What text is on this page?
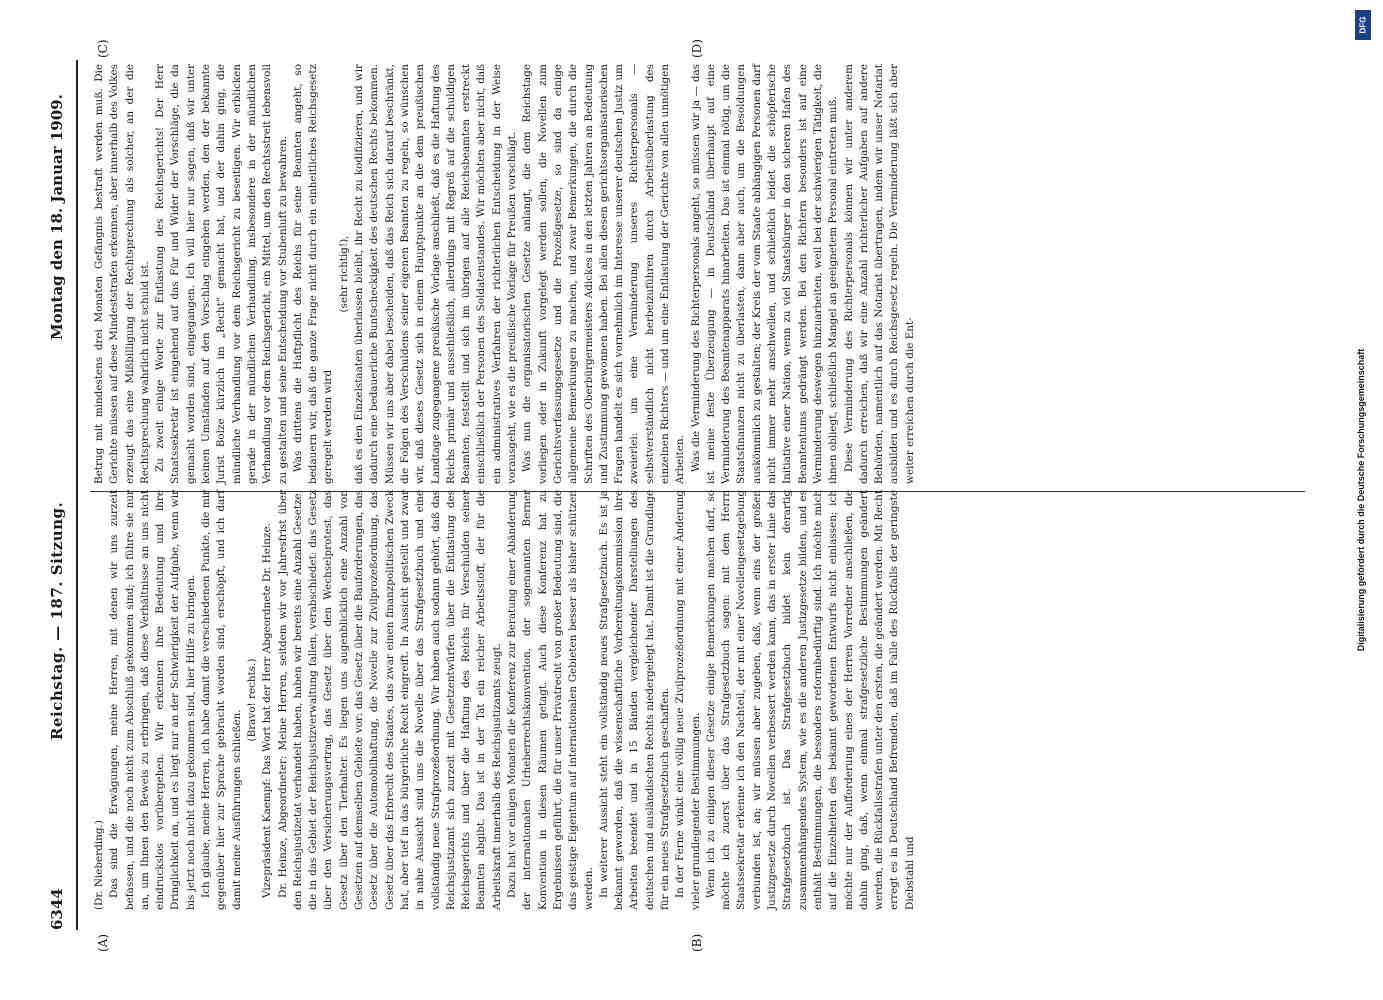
6344
Reichstag. — 187. Sitzung.
Montag den 18. Januar 1909.
(A)	(B)
(C)	(D)

(Dr. Nieberding.) Das sind die Erwägungen, meine Herren, mit denen wir uns zurzeit befassen, und die noch nicht zum Abschluß gekommen sind; ich führe sie nur an, um Ihnen den Beweis zu erbringen, daß diese Verhältnisse an uns nicht eindruckslos vorübergehen. Wir erkennen ihre Bedeutung und ihre Dringlichkeit an, und es liegt nur an der Schwierigkeit der Aufgabe, wenn wir bis jetzt noch nicht dazu gekommen sind, hier Hilfe zu bringen. Ich glaube, meine Herren, ich habe damit die verschiedenen Punkte, die mir gegenüber hier zur Sprache gebracht worden sind, erschöpft, und ich darf damit meine Ausführungen schließen.

(Bravo! rechts.) Vizepräsident Kaempf: Das Wort hat der Herr Abgeordnete Dr. Heinze. Dr. Heinze, Abgeordneter: Meine Herren, seitdem wir vor Jahresfrist über den Reichsjustizetat verhandelt haben, haben wir bereits eine Anzahl Gesetze, die in das Gebiet der Reichsjustizverwaltung fallen, verabschiedet: das Gesetz über den Versicherungsvertrag, das Gesetz über den Wechselprotest, das Gesetz über den Tierhalter. Es liegen uns augenblicklich eine Anzahl von Gesetzen auf demselben Gebiete vor: das Gesetz über die Bauforderungen, das Gesetz über die Automobilhaftung, die Novelle zur Zivilprozeßordnung, das Gesetz über das Erbrecht des Staates, das zwar einen finanzpolitischen Zweck hat, aber tief in das bürgerliche Recht eingreift. In Aussicht gestellt und zwar in nahe Aussicht sind uns die Novelle über das Strafgesetzbuch und eine vollständig neue Strafprozeßordnung. Wir haben auch sodann gehört, daß das Reichsjustizamt sich zurzeit mit Gesetzentwürfen über die Entlastung des Reichsgerichts und über die Haftung des Reichs für Verschulden seiner Beamten abgibt. Das ist in der Tat ein reicher Arbeitsstoff, der für die Arbeitskraft innerhalb des Reichsjustizamts zeugt. Dazu hat vor einigen Monaten die Konferenz zur Beratung einer Abänderung der internationalen Urheberrechtskonvention, der sogenannten Berner Konvention in diesen Räumen getagt. Auch diese Konferenz hat zu Ergebnissen geführt, die für unser Privatrecht von großer Bedeutung sind, die das geistige Eigentum auf internationalen Gebieten besser als bisher schützen werden. In weiterer Aussicht steht ein vollständig neues Strafgesetzbuch. Es ist ja bekannt geworden, daß die wissenschaftliche Vorbereitungskommission ihre Arbeiten beendet und in 15 Bänden vergleichender Darstellungen des deutschen und ausländischen Rechts niedergelegt hat. Damit ist die Grundlage für ein neues Strafgesetzbuch geschaffen. In der Ferne winkt eine völlig neue Zivilprozeßordnung mit einer Änderung vieler grundlegender Bestimmungen. Wenn ich zu einigen dieser Gesetze einige Bemerkungen machen darf, so möchte ich zuerst über das Strafgesetzbuch sagen: mit dem Herrn Staatssekretär erkenne ich den Nachteil, der mit einer Novellengesetzgebung verbunden ist, an; wir müssen aber zugeben, daß, wenn eins der großen Justizgesetze durch Novellen verbessert werden kann, das in erster Linie das Strafgesetzbuch ist. Das Strafgesetzbuch bildet kein derartig zusammenhängendes System, wie es die anderen Justizgesetze bilden, und es enthält Bestimmungen, die besonders reformbedürftig sind. Ich möchte mich auf die Einzelheiten des bekannt gewordenen Entwurfs nicht einlassen; ich möchte nur der Aufforderung eines der Herren Vorredner anschließen, die dahin ging, daß, wenn einmal strafgesetzliche Bestimmungen geändert werden, die Rückfallsstrafen unter den ersten, die geändert werden. Mit Recht erregt es in Deutschland Befremden, daß im Falle des Rückfalls der geringste Diebstahl und

Betrug mit mindestens drei Monaten Gefängnis bestraft werden muß. Die Gerichte müssen auf diese Mindeststrafen erkennen, aber innerhalb des Volkes erzeugt das eine Mißbilligung der Rechtsprechung als solcher, an der die Rechtsprechung wahrlich nicht schuld ist. Zu zweit einige Worte zur Entlastung des Reichsgerichts! Der Herr Staatssekretär ist eingehend auf das Für und Wider der Vorschläge, die da gemacht worden sind, eingegangen. Ich will hier nur sagen, daß wir unter keinen Umständen auf den Vorschlag eingehen werden, den der bekannte Jurist Bolze kürzlich im „Recht“ gemacht hat, und der dahin ging, die mündliche Verhandlung vor dem Reichsgericht zu beseitigen. Wir erblicken gerade in der mündlichen Verhandlung, insbesondere in der mündlichen Verhandlung vor dem Reichsgericht, ein Mittel, um den Rechtsstreit lebensvoll zu gestalten und seine Entscheidung vor Stubenluft zu bewahren. Was drittens die Haftpflicht des Reichs für seine Beamten angeht, so bedauern wir, daß die ganze Frage nicht durch ein einheitliches Reichsgesetz geregelt werden wird

(sehr richtig!), daß es den Einzelstaaten überlassen bleibt, ihr Recht zu kodifizieren, und wir dadurch eine bedauerliche Buntscheckigkeit des deutschen Rechts bekommen. Müssen wir uns aber dabei bescheiden, daß das Reich sich darauf beschränkt, die Folgen des Verschuldens seiner eigenen Beamten zu regeln, so wünschen wir, daß dieses Gesetz sich in einem Hauptpunkte an die dem preußischen Landtage zugegangene preußische Vorlage anschließt, daß es die Haftung des Reichs primär und ausschließlich, allerdings mit Regreß auf die schuldigen Beamten, feststellt und sich im übrigen auf alle Reichsbeamten erstreckt einschließlich der Personen des Soldatenstandes. Wir möchten aber nicht, daß ein administratives Verfahren der richterlichen Entscheidung in der Weise vorausgeht, wie es die preußische Vorlage für Preußen vorschlägt. Was nun die organisatorischen Gesetze anlangt, die dem Reichstage vorliegen oder in Zukunft vorgelegt werden sollen, die Novellen zum Gerichtsverfassungsgesetze und die Prozeßgesetze, so sind da einige allgemeine Bemerkungen zu machen, und zwar Bemerkungen, die durch die Schriften des Oberbürgermeisters Adickes in den letzten Jahren an Bedeutung und Zustimmung gewonnen haben. Bei allen diesen gerichtsorganisatorischen Fragen handelt es sich vornehmlich im Interesse unserer deutschen Justiz um zweierlei: um eine Verminderung unseres Richterpersonals — selbstverständlich nicht herbeizuführen durch Arbeitsüberlastung des einzelnen Richters — und um eine Entlastung der Gerichte von allen unnötigen Arbeiten. Was die Verminderung des Richterpersonals angeht, so müssen wir ja — das ist meine feste Überzeugung — in Deutschland überhaupt auf eine Verminderung des Beamtenapparats hinarbeiten. Das ist einmal nötig, um die Staatsfinanzen nicht zu überlasten, dann aber auch, um die Besoldungen auskömmlich zu gestalten; der Kreis der vom Staate abhängigen Personen darf nicht immer mehr anschwellen, und schließlich leidet die schöpferische Initiative einer Nation, wenn zu viel Staatsbürger in den sicheren Hafen des Beamtentums gedrängt werden. Bei den Richtern besonders ist auf eine Verminderung deswegen hinzuarbeiten, weil bei der schwierigen Tätigkeit, die ihnen obliegt, schließlich Mangel an geeignetem Personal eintreten muß. Diese Verminderung des Richterpersonals können wir unter anderem dadurch erreichen, daß wir eine Anzahl richterlicher Aufgaben auf andere Behörden, namentlich auf das Notariat übertragen, indem wir unser Notariat ausbilden und es durch Reichsgesetz regeln. Die Verminderung läßt sich aber weiter erreichen durch die Ent-	Digitalisierung gefördert durch die Deutsche Forschungsgemeinschaft
DFG
